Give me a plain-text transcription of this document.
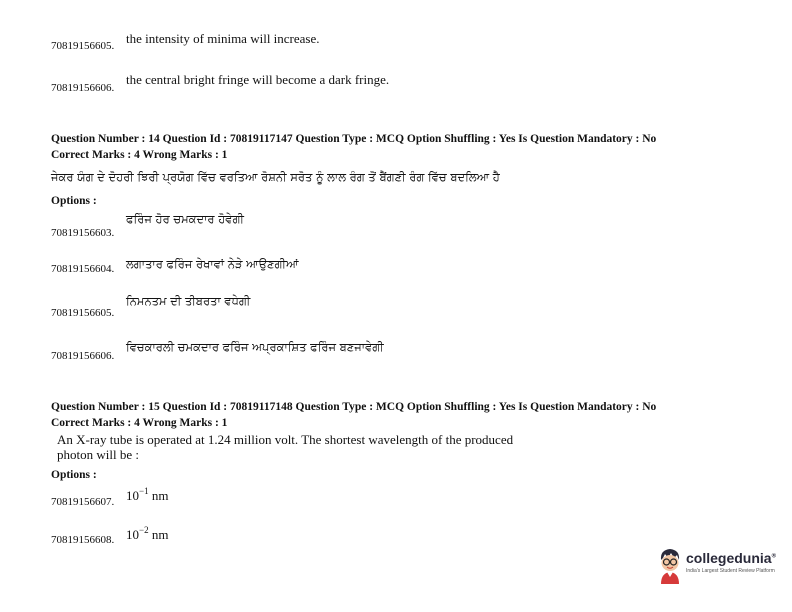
70819156605. the intensity of minima will increase.
70819156606.
the central bright fringe will become a dark fringe.
Question Number : 14 Question Id : 70819117147 Question Type : MCQ Option Shuffling : Yes Is Question Mandatory : No
Correct Marks : 4 Wrong Marks : 1
ਜੇਕਰ ਯੰਗ ਦੇ ਦੋਹਰੀ ਝਿਰੀ ਪ੍ਰਯੋਗ ਵਿੱਚ ਵਰਤਿਆ ਰੋਸ਼ਨੀ ਸਰੋਤ ਨੂੰ ਲਾਲ ਰੰਗ ਤੋਂ ਬੈਂਗਣੀ ਰੰਗ ਵਿੱਚ ਬਦਲਿਆ ਹੈ
Options :
70819156603.
ਫਰਿੰਜ ਹੋਰ ਚਮਕਦਾਰ ਹੋਵੇਗੀ
70819156604. ਲਗਾਤਾਰ ਫਰਿੰਜ ਰੇਖਾਵਾਂ ਨੇੜੇ ਆਉਣਗੀਆਂ
70819156605.
ਨਿਮਨਤਮ ਦੀ ਤੀਬਰਤਾ ਵਧੇਗੀ
70819156606.
ਵਿਚਕਾਰਲੀ ਚਮਕਦਾਰ ਫਰਿੰਜ ਅਪ੍ਰਕਾਸ਼ਿਤ ਫਰਿੰਜ ਬਣਜਾਵੇਗੀ
Question Number : 15 Question Id : 70819117148 Question Type : MCQ Option Shuffling : Yes Is Question Mandatory : No
Correct Marks : 4 Wrong Marks : 1
An X-ray tube is operated at 1.24 million volt. The shortest wavelength of the produced
photon will be :
Options :
70819156607. $10^{-1}$ nm
70819156608. $10^{-2}$ nm
collegedunia®
India's Largest Student Review Platform
